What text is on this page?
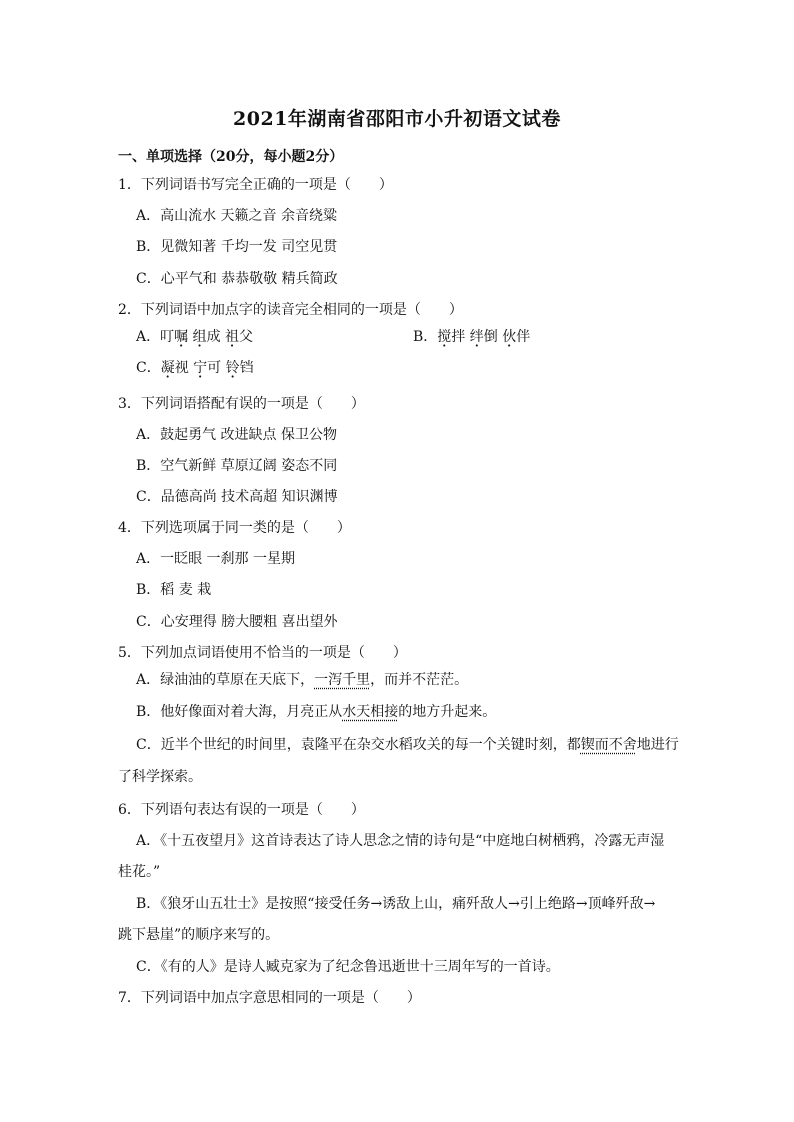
2021年湖南省邵阳市小升初语文试卷
一、单项选择（20分，每小题2分）
1．下列词语书写完全正确的一项是（　　）
A．高山流水 天籁之音 余音绕粱
B．见微知著 千均一发 司空见贯
C．心平气和 恭恭敬敬 精兵简政
2．下列词语中加点字的读音完全相同的一项是（　　）
A．叮嘱 组成 祖父	B．搅拌 绊倒 伙伴
C．凝视 宁可 铃铛
3．下列词语搭配有误的一项是（　　）
A．鼓起勇气 改进缺点 保卫公物
B．空气新鲜 草原辽阔 姿态不同
C．品德高尚 技术高超 知识渊博
4．下列选项属于同一类的是（　　）
A．一眨眼 一刹那 一星期
B．稻 麦 栽
C．心安理得 膀大腰粗 喜出望外
5．下列加点词语使用不恰当的一项是（　　）
A．绿油油的草原在天底下，一泻千里，而并不茫茫。
B．他好像面对着大海，月亮正从水天相接的地方升起来。
C．近半个世纪的时间里，袁隆平在杂交水稻攻关的每一个关键时刻，都锲而不舍地进行
了科学探索。
6．下列语句表达有误的一项是（　　）
A．《十五夜望月》这首诗表达了诗人思念之情的诗句是“中庭地白树栖鸦，冷露无声湿
桂花。”
B．《狼牙山五壮士》是按照“接受任务→诱敌上山，痛歼敌人→引上绝路→顶峰歼敌→
跳下悬崖”的顺序来写的。
C．《有的人》是诗人臧克家为了纪念鲁迅逝世十三周年写的一首诗。
7．下列词语中加点字意思相同的一项是（　　）
